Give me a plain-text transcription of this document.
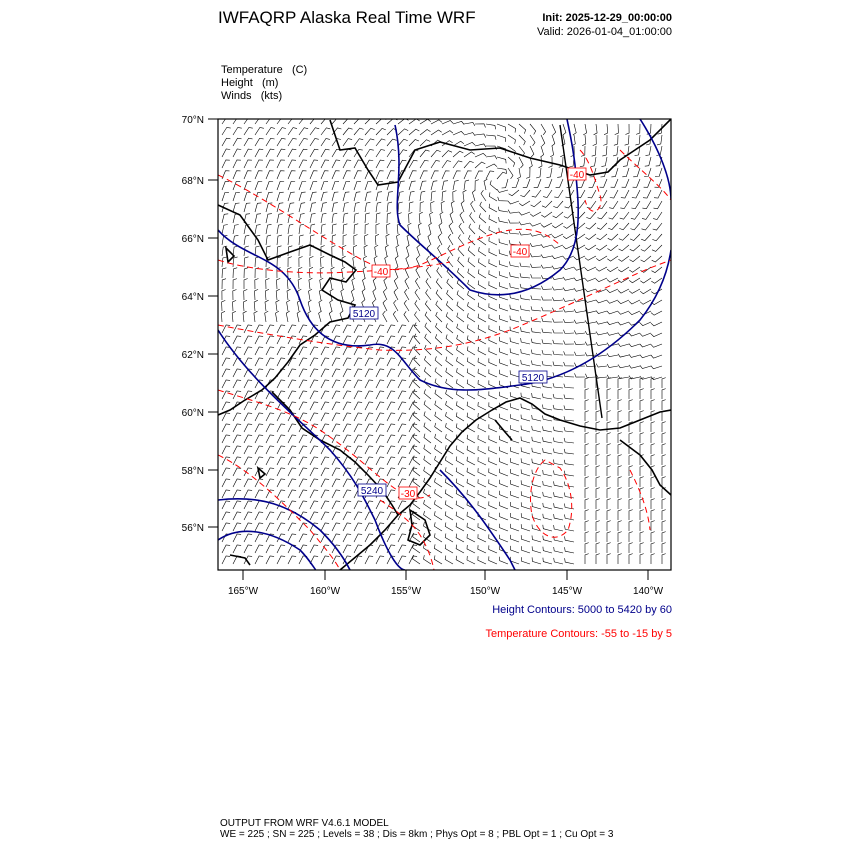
IWFAQRP Alaska Real Time WRF	Init: 2025-12-29_00:00:00
Valid: 2026-01-04_01:00:00
Temperature (C)
Height (m)
Winds (kts)
70°N
68°N
66°N
64°N
62°N
60°N
58°N
56°N
165°W	160°W	155°W	150°W	145°W	140°W
5120
5120
5240
-40
-40
-40
-30
Height Contours: 5000 to 5420 by 60
Temperature Contours: -55 to -15 by 5
OUTPUT FROM WRF V4.6.1 MODEL
WE = 225 ; SN = 225 ; Levels = 38 ; Dis = 8km ; Phys Opt = 8 ; PBL Opt = 1 ; Cu Opt = 3
